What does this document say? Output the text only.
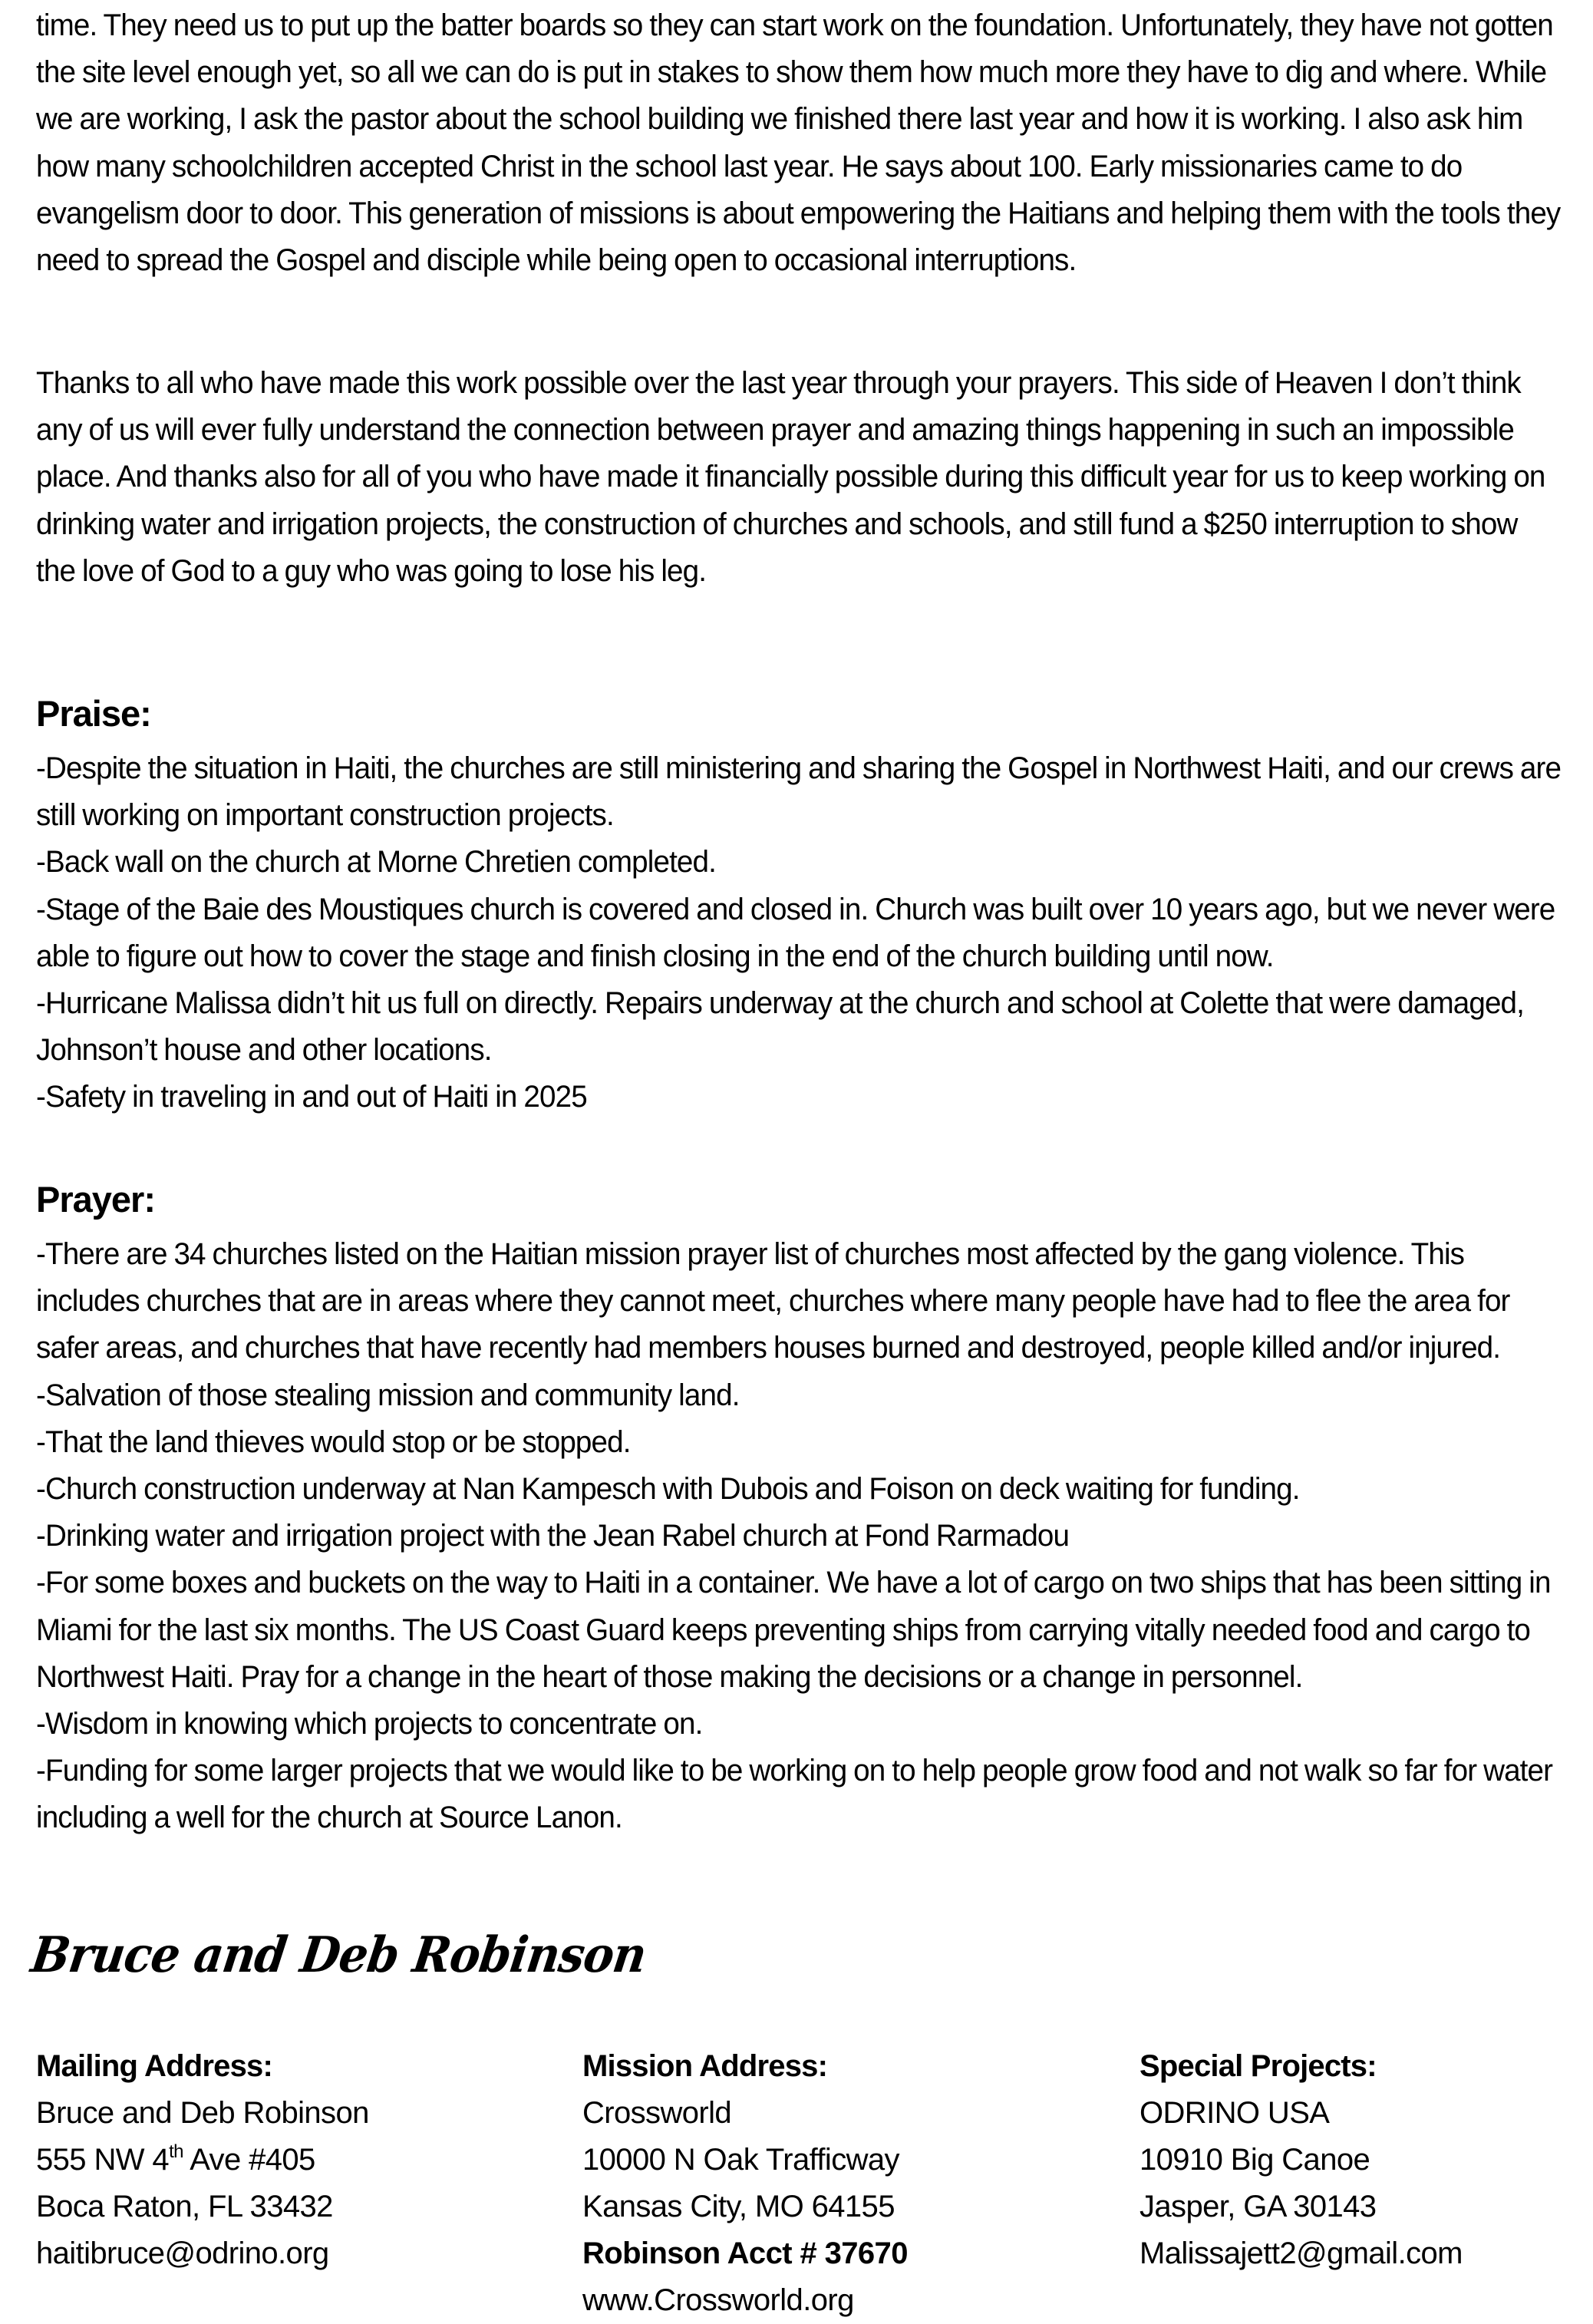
time. They need us to put up the batter boards so they can start work on the foundation. Unfortunately, they have not gotten the site level enough yet, so all we can do is put in stakes to show them how much more they have to dig and where. While we are working, I ask the pastor about the school building we finished there last year and how it is working. I also ask him how many schoolchildren accepted Christ in the school last year. He says about 100. Early missionaries came to do evangelism door to door. This generation of missions is about empowering the Haitians and helping them with the tools they need to spread the Gospel and disciple while being open to occasional interruptions.

Thanks to all who have made this work possible over the last year through your prayers. This side of Heaven I don’t think any of us will ever fully understand the connection between prayer and amazing things happening in such an impossible place. And thanks also for all of you who have made it financially possible during this difficult year for us to keep working on drinking water and irrigation projects, the construction of churches and schools, and still fund a $250 interruption to show the love of God to a guy who was going to lose his leg.

Praise:
-Despite the situation in Haiti, the churches are still ministering and sharing the Gospel in Northwest Haiti, and our crews are still working on important construction projects.
-Back wall on the church at Morne Chretien completed.
-Stage of the Baie des Moustiques church is covered and closed in. Church was built over 10 years ago, but we never were able to figure out how to cover the stage and finish closing in the end of the church building until now.
-Hurricane Malissa didn’t hit us full on directly. Repairs underway at the church and school at Colette that were damaged, Johnson’t house and other locations.
-Safety in traveling in and out of Haiti in 2025
Prayer:
-There are 34 churches listed on the Haitian mission prayer list of churches most affected by the gang violence. This includes churches that are in areas where they cannot meet, churches where many people have had to flee the area for safer areas, and churches that have recently had members houses burned and destroyed, people killed and/or injured.
-Salvation of those stealing mission and community land.
-That the land thieves would stop or be stopped.
-Church construction underway at Nan Kampesch with Dubois and Foison on deck waiting for funding.
-Drinking water and irrigation project with the Jean Rabel church at Fond Rarmadou
-For some boxes and buckets on the way to Haiti in a container. We have a lot of cargo on two ships that has been sitting in Miami for the last six months. The US Coast Guard keeps preventing ships from carrying vitally needed food and cargo to Northwest Haiti. Pray for a change in the heart of those making the decisions or a change in personnel.
-Wisdom in knowing which projects to concentrate on.
-Funding for some larger projects that we would like to be working on to help people grow food and not walk so far for water including a well for the church at Source Lanon.
Bruce and Deb Robinson
Mailing Address:
Bruce and Deb Robinson
555 NW 4th Ave #405
Boca Raton, FL 33432
haitibruce@odrino.org
Mission Address:
Crossworld
10000 N Oak Trafficway
Kansas City, MO 64155
Robinson Acct # 37670
www.Crossworld.org
Special Projects:
ODRINO USA
10910 Big Canoe
Jasper, GA 30143
Malissajett2@gmail.com
